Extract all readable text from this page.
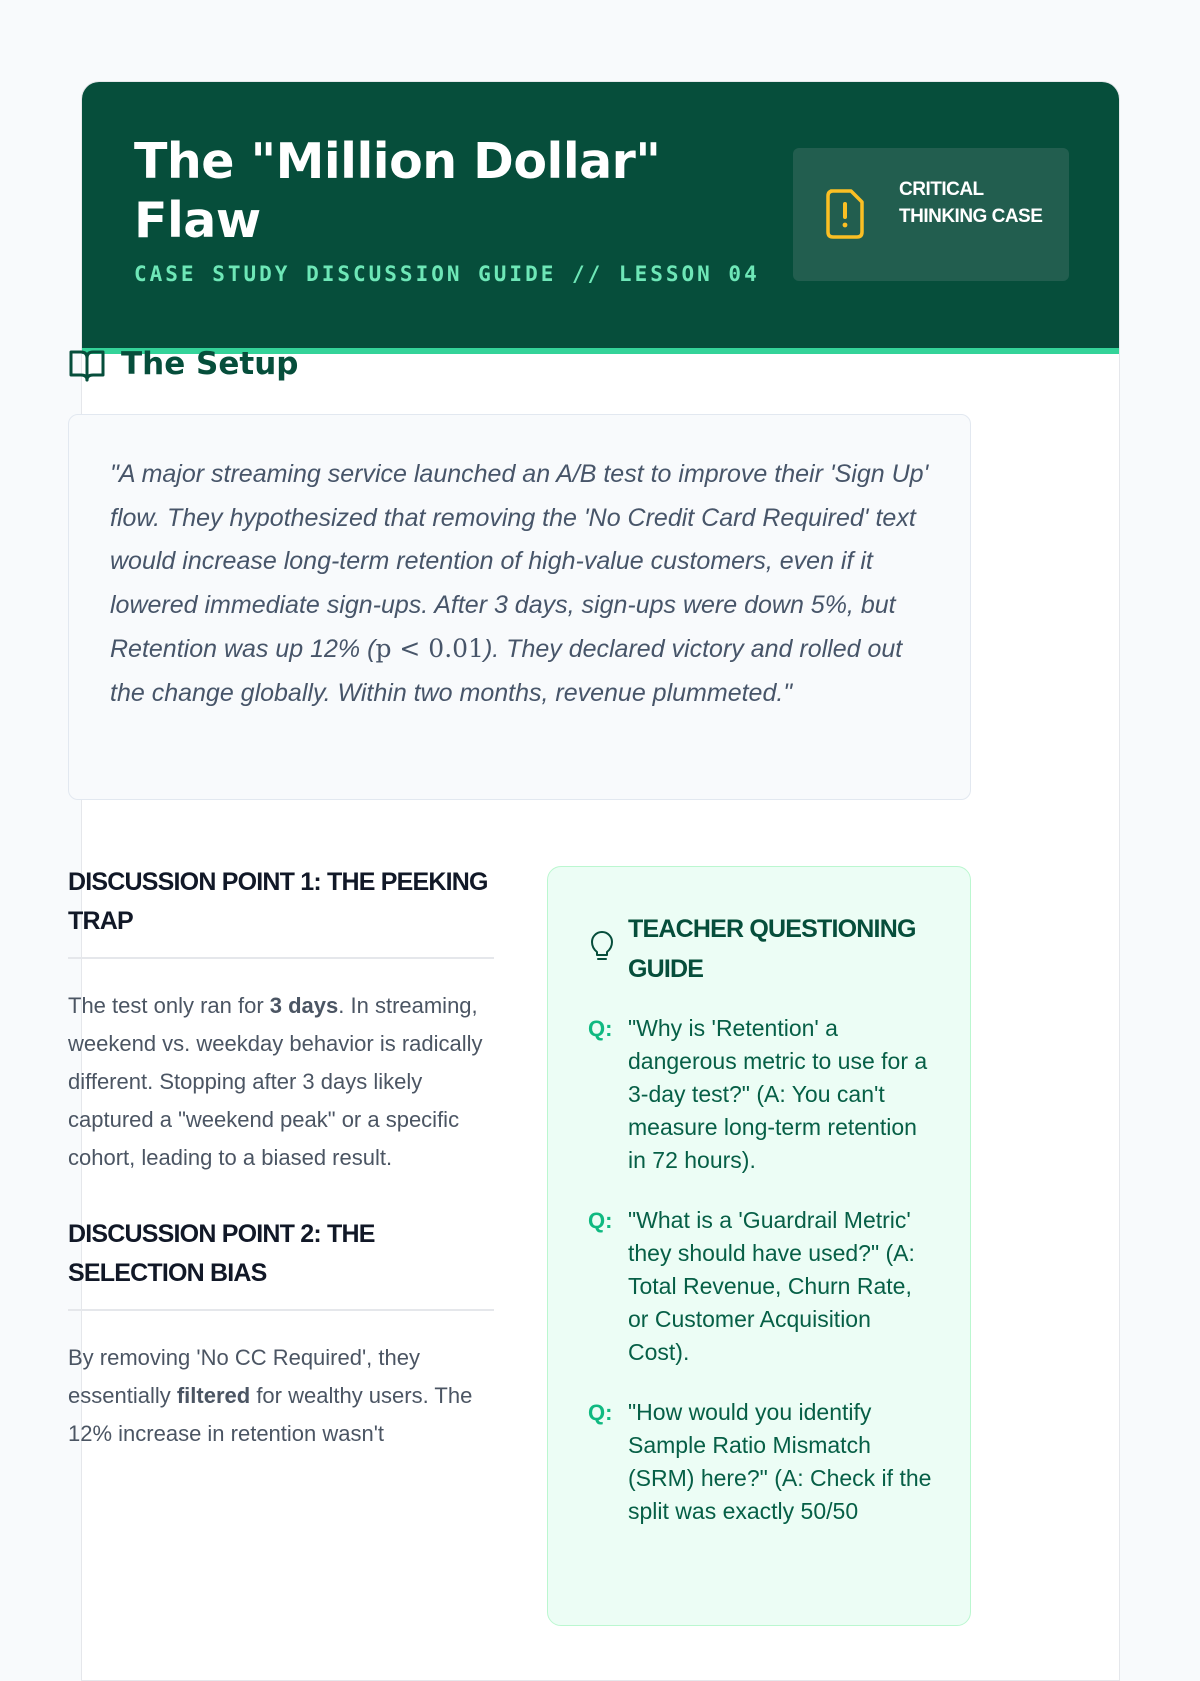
The "Million Dollar" Flaw

CASE STUDY DISCUSSION GUIDE // LESSON 04

CRITICAL THINKING CASE
The Setup

"A major streaming service launched an A/B test to improve their 'Sign Up' flow. They hypothesized that removing the 'No Credit Card Required' text would increase long-term retention of high-value customers, even if it lowered immediate sign-ups. After 3 days, sign-ups were down 5%, but Retention was up 12% (p < 0.01). They declared victory and rolled out the change globally. Within two months, revenue plummeted."

DISCUSSION POINT 1: THE PEEKING TRAP

The test only ran for 3 days. In streaming, weekend vs. weekday behavior is radically different. Stopping after 3 days likely captured a "weekend peak" or a specific cohort, leading to a biased result.

DISCUSSION POINT 2: THE SELECTION BIAS

By removing 'No CC Required', they essentially filtered for wealthy users. The 12% increase in retention wasn't

TEACHER QUESTIONING GUIDE
Q: "Why is 'Retention' a dangerous metric to use for a 3-day test?" (A: You can't measure long-term retention in 72 hours).
Q: "What is a 'Guardrail Metric' they should have used?" (A: Total Revenue, Churn Rate, or Customer Acquisition Cost).
Q: "How would you identify Sample Ratio Mismatch (SRM) here?" (A: Check if the split was exactly 50/50
